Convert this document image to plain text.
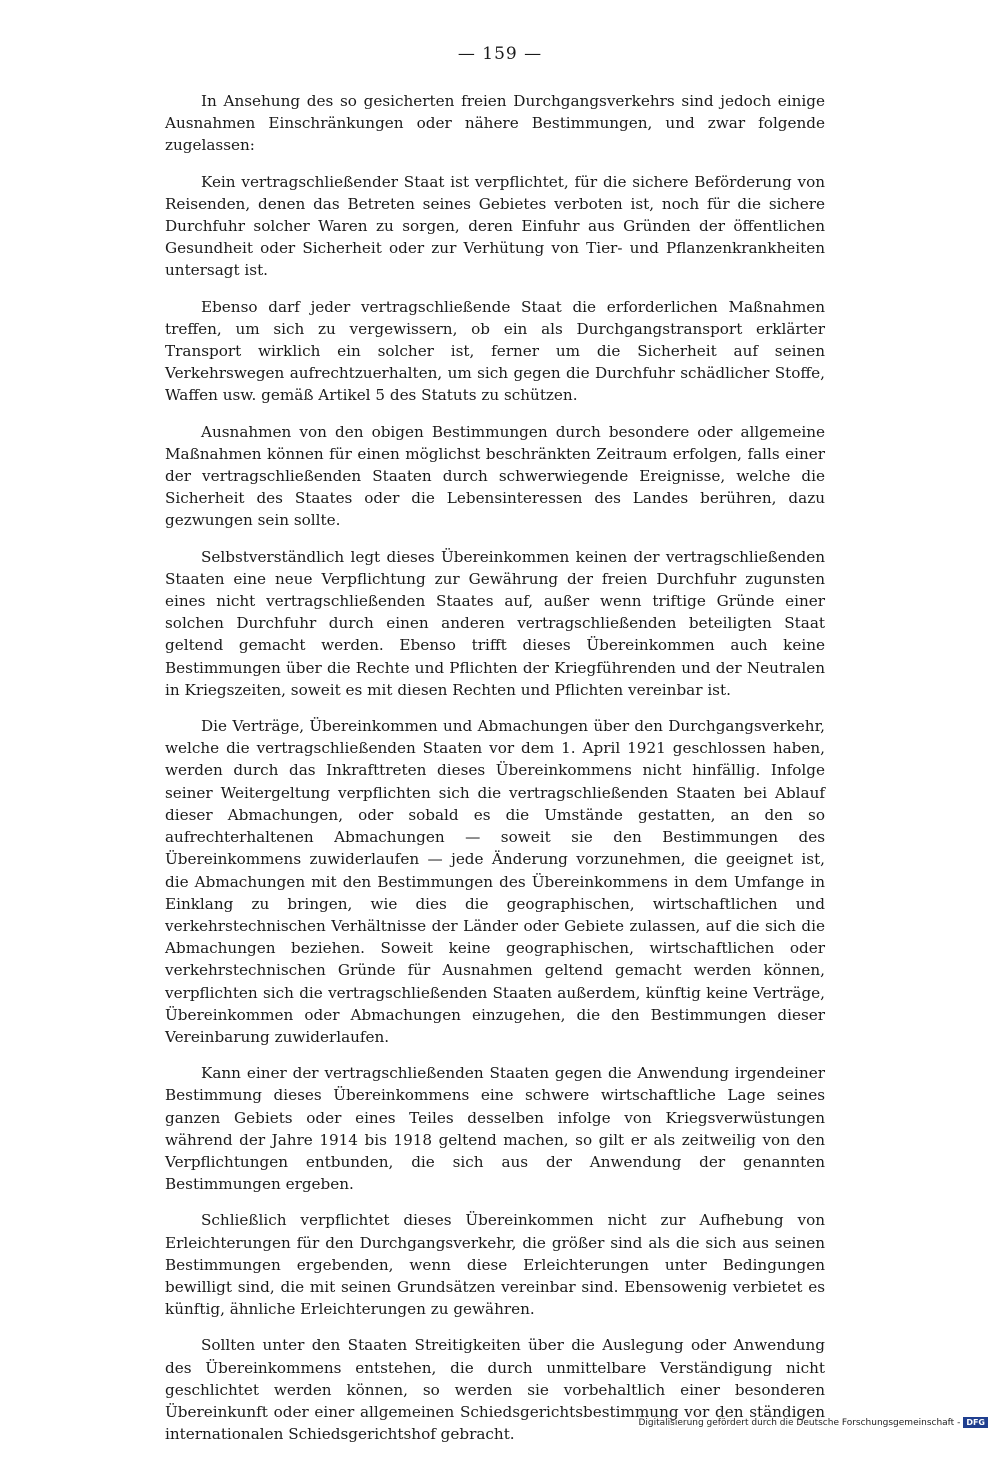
— 159 —

In Ansehung des so gesicherten freien Durchgangsverkehrs sind jedoch einige Ausnahmen Einschränkungen oder nähere Bestimmungen, und zwar folgende zugelassen:

Kein vertragschließender Staat ist verpflichtet, für die sichere Beförderung von Reisenden, denen das Betreten seines Gebietes verboten ist, noch für die sichere Durchfuhr solcher Waren zu sorgen, deren Einfuhr aus Gründen der öffentlichen Gesundheit oder Sicherheit oder zur Verhütung von Tier- und Pflanzenkrankheiten untersagt ist.

Ebenso darf jeder vertragschließende Staat die erforderlichen Maßnahmen treffen, um sich zu vergewissern, ob ein als Durchgangstransport erklärter Transport wirklich ein solcher ist, ferner um die Sicherheit auf seinen Verkehrswegen aufrechtzuerhalten, um sich gegen die Durchfuhr schädlicher Stoffe, Waffen usw. gemäß Artikel 5 des Statuts zu schützen.

Ausnahmen von den obigen Bestimmungen durch besondere oder allgemeine Maßnahmen können für einen möglichst beschränkten Zeitraum erfolgen, falls einer der vertragschließenden Staaten durch schwerwiegende Ereignisse, welche die Sicherheit des Staates oder die Lebensinteressen des Landes berühren, dazu gezwungen sein sollte.

Selbstverständlich legt dieses Übereinkommen keinen der vertragschließenden Staaten eine neue Verpflichtung zur Gewährung der freien Durchfuhr zugunsten eines nicht vertragschließenden Staates auf, außer wenn triftige Gründe einer solchen Durchfuhr durch einen anderen vertragschließenden beteiligten Staat geltend gemacht werden. Ebenso trifft dieses Übereinkommen auch keine Bestimmungen über die Rechte und Pflichten der Kriegführenden und der Neutralen in Kriegszeiten, soweit es mit diesen Rechten und Pflichten vereinbar ist.

Die Verträge, Übereinkommen und Abmachungen über den Durchgangsverkehr, welche die vertragschließenden Staaten vor dem 1. April 1921 geschlossen haben, werden durch das Inkrafttreten dieses Übereinkommens nicht hinfällig. Infolge seiner Weitergeltung verpflichten sich die vertragschließenden Staaten bei Ablauf dieser Abmachungen, oder sobald es die Umstände gestatten, an den so aufrechterhaltenen Abmachungen — soweit sie den Bestimmungen des Übereinkommens zuwiderlaufen — jede Änderung vorzunehmen, die geeignet ist, die Abmachungen mit den Bestimmungen des Übereinkommens in dem Umfange in Einklang zu bringen, wie dies die geographischen, wirtschaftlichen und verkehrstechnischen Verhältnisse der Länder oder Gebiete zulassen, auf die sich die Abmachungen beziehen. Soweit keine geographischen, wirtschaftlichen oder verkehrstechnischen Gründe für Ausnahmen geltend gemacht werden können, verpflichten sich die vertragschließenden Staaten außerdem, künftig keine Verträge, Übereinkommen oder Abmachungen einzugehen, die den Bestimmungen dieser Vereinbarung zuwiderlaufen.

Kann einer der vertragschließenden Staaten gegen die Anwendung irgendeiner Bestimmung dieses Übereinkommens eine schwere wirtschaftliche Lage seines ganzen Gebiets oder eines Teiles desselben infolge von Kriegsverwüstungen während der Jahre 1914 bis 1918 geltend machen, so gilt er als zeitweilig von den Verpflichtungen entbunden, die sich aus der Anwendung der genannten Bestimmungen ergeben.

Schließlich verpflichtet dieses Übereinkommen nicht zur Aufhebung von Erleichterungen für den Durchgangsverkehr, die größer sind als die sich aus seinen Bestimmungen ergebenden, wenn diese Erleichterungen unter Bedingungen bewilligt sind, die mit seinen Grundsätzen vereinbar sind. Ebensowenig verbietet es künftig, ähnliche Erleichterungen zu gewähren.

Sollten unter den Staaten Streitigkeiten über die Auslegung oder Anwendung des Übereinkommens entstehen, die durch unmittelbare Verständigung nicht geschlichtet werden können, so werden sie vorbehaltlich einer besonderen Übereinkunft oder einer allgemeinen Schiedsgerichtsbestimmung vor den ständigen internationalen Schiedsgerichtshof gebracht.

Digitalisierung gefördert durch die Deutsche Forschungsgemeinschaft - DFG
